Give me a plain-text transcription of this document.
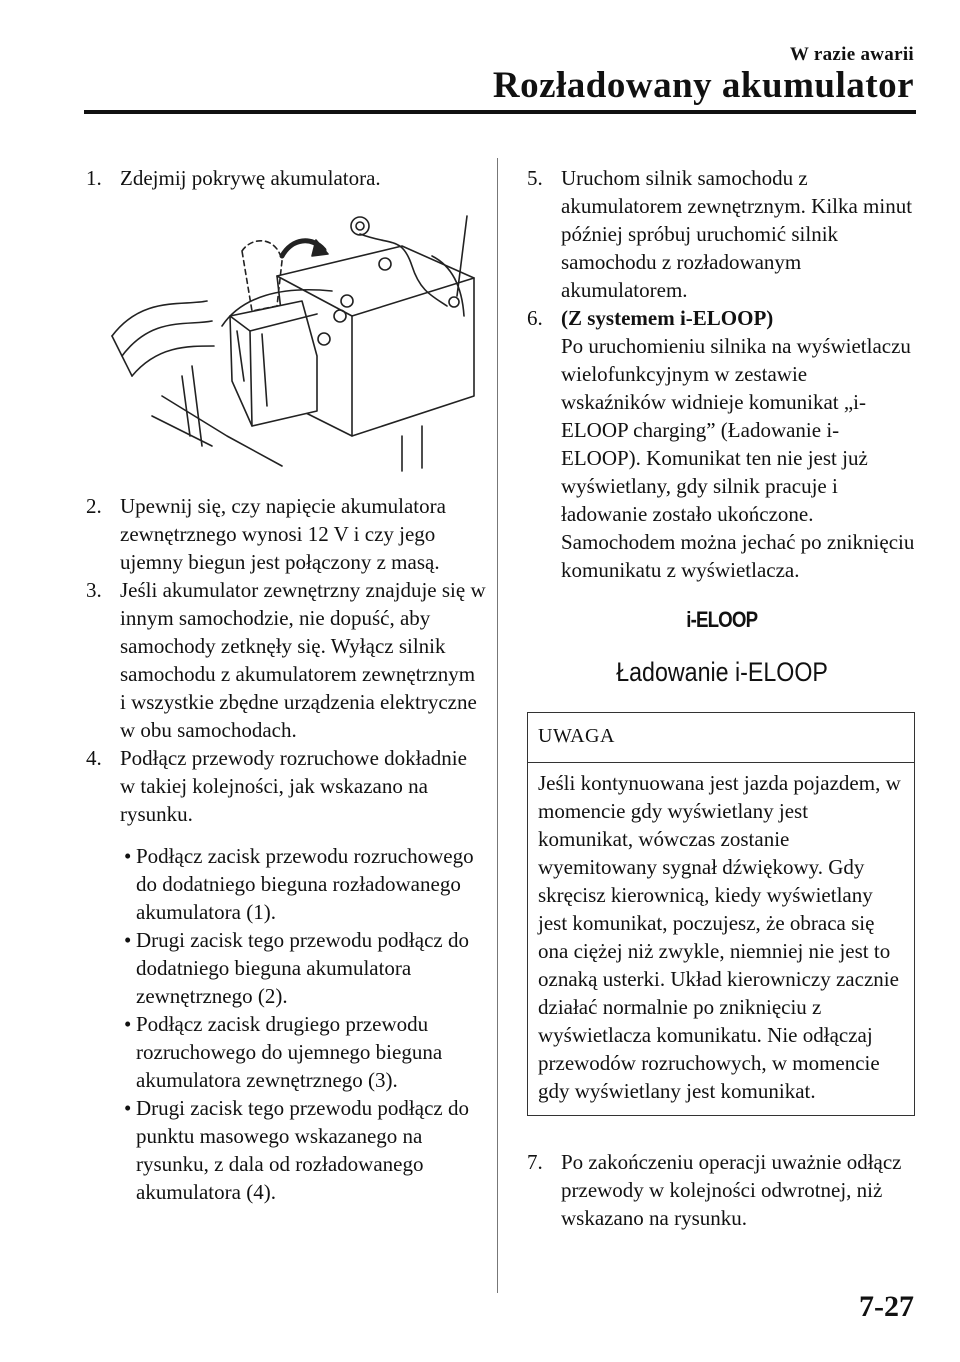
W razie awarii
Rozładowany akumulator
1. Zdejmij pokrywę akumulatora.
2. Upewnij się, czy napięcie akumulatora zewnętrznego wynosi 12 V i czy jego ujemny biegun jest połączony z masą.
3. Jeśli akumulator zewnętrzny znajduje się w innym samochodzie, nie dopuść, aby samochody zetknęły się. Wyłącz silnik samochodu z akumulatorem zewnętrznym i wszystkie zbędne urządzenia elektryczne w obu samochodach.
4. Podłącz przewody rozruchowe dokładnie w takiej kolejności, jak wskazano na rysunku.
• Podłącz zacisk przewodu rozruchowego do dodatniego bieguna rozładowanego akumulatora (1).
• Drugi zacisk tego przewodu podłącz do dodatniego bieguna akumulatora zewnętrznego (2).
• Podłącz zacisk drugiego przewodu rozruchowego do ujemnego bieguna akumulatora zewnętrznego (3).
• Drugi zacisk tego przewodu podłącz do punktu masowego wskazanego na rysunku, z dala od rozładowanego akumulatora (4).
5. Uruchom silnik samochodu z akumulatorem zewnętrznym. Kilka minut później spróbuj uruchomić silnik samochodu z rozładowanym akumulatorem.
6. (Z systemem i-ELOOP)
Po uruchomieniu silnika na wyświetlaczu wielofunkcyjnym w zestawie wskaźników widnieje komunikat „i-ELOOP charging” (Ładowanie i-ELOOP). Komunikat ten nie jest już wyświetlany, gdy silnik pracuje i ładowanie zostało ukończone. Samochodem można jechać po zniknięciu komunikatu z wyświetlacza.
i-ELOOP
Ładowanie i-ELOOP
UWAGA
Jeśli kontynuowana jest jazda pojazdem, w momencie gdy wyświetlany jest komunikat, wówczas zostanie wyemitowany sygnał dźwiękowy. Gdy skręcisz kierownicą, kiedy wyświetlany jest komunikat, poczujesz, że obraca się ona ciężej niż zwykle, niemniej nie jest to oznaką usterki. Układ kierowniczy zacznie działać normalnie po zniknięciu z wyświetlacza komunikatu. Nie odłączaj przewodów rozruchowych, w momencie gdy wyświetlany jest komunikat.
7. Po zakończeniu operacji uważnie odłącz przewody w kolejności odwrotnej, niż wskazano na rysunku.
7-27
